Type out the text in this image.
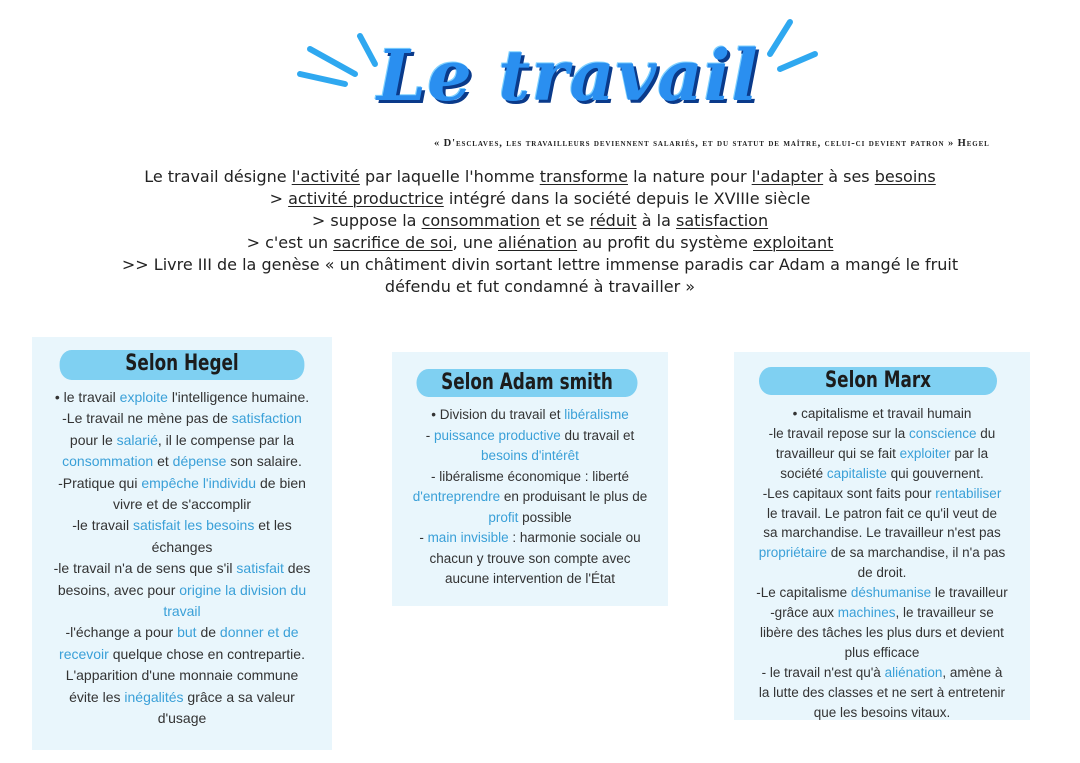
Le travail
« D'esclaves, les travailleurs deviennent salariés, et du statut de maître, celui-ci devient patron » Hegel
Le travail désigne l'activité par laquelle l'homme transforme la nature pour l'adapter à ses besoins
> activité productrice intégré dans la société depuis le XVIIIe siècle
> suppose la consommation et se réduit à la satisfaction
> c'est un sacrifice de soi, une aliénation au profit du système exploitant
>> Livre III de la genèse « un châtiment divin sortant lettre immense paradis car Adam a mangé le fruit
défendu et fut condamné à travailler »
Selon Hegel
• le travail exploite l'intelligence humaine.
-Le travail ne mène pas de satisfaction
pour le salarié, il le compense par la
consommation et dépense son salaire.
-Pratique qui empêche l'individu de bien
vivre et de s'accomplir
-le travail satisfait les besoins et les
échanges
-le travail n'a de sens que s'il satisfait des
besoins, avec pour origine la division du
travail
-l'échange a pour but de donner et de
recevoir quelque chose en contrepartie.
L'apparition d'une monnaie commune
évite les inégalités grâce a sa valeur
d'usage
Selon Adam smith
• Division du travail et libéralisme
- puissance productive du travail et
besoins d'intérêt
- libéralisme économique : liberté
d'entreprendre en produisant le plus de
profit possible
- main invisible : harmonie sociale ou
chacun y trouve son compte avec
aucune intervention de l'État
Selon Marx
• capitalisme et travail humain
-le travail repose sur la conscience du
travailleur qui se fait exploiter par la
société capitaliste qui gouvernent.
-Les capitaux sont faits pour rentabiliser
le travail. Le patron fait ce qu'il veut de
sa marchandise. Le travailleur n'est pas
propriétaire de sa marchandise, il n'a pas
de droit.
-Le capitalisme déshumanise le travailleur
-grâce aux machines, le travailleur se
libère des tâches les plus durs et devient
plus efficace
- le travail n'est qu'à aliénation, amène à
la lutte des classes et ne sert à entretenir
que les besoins vitaux.
